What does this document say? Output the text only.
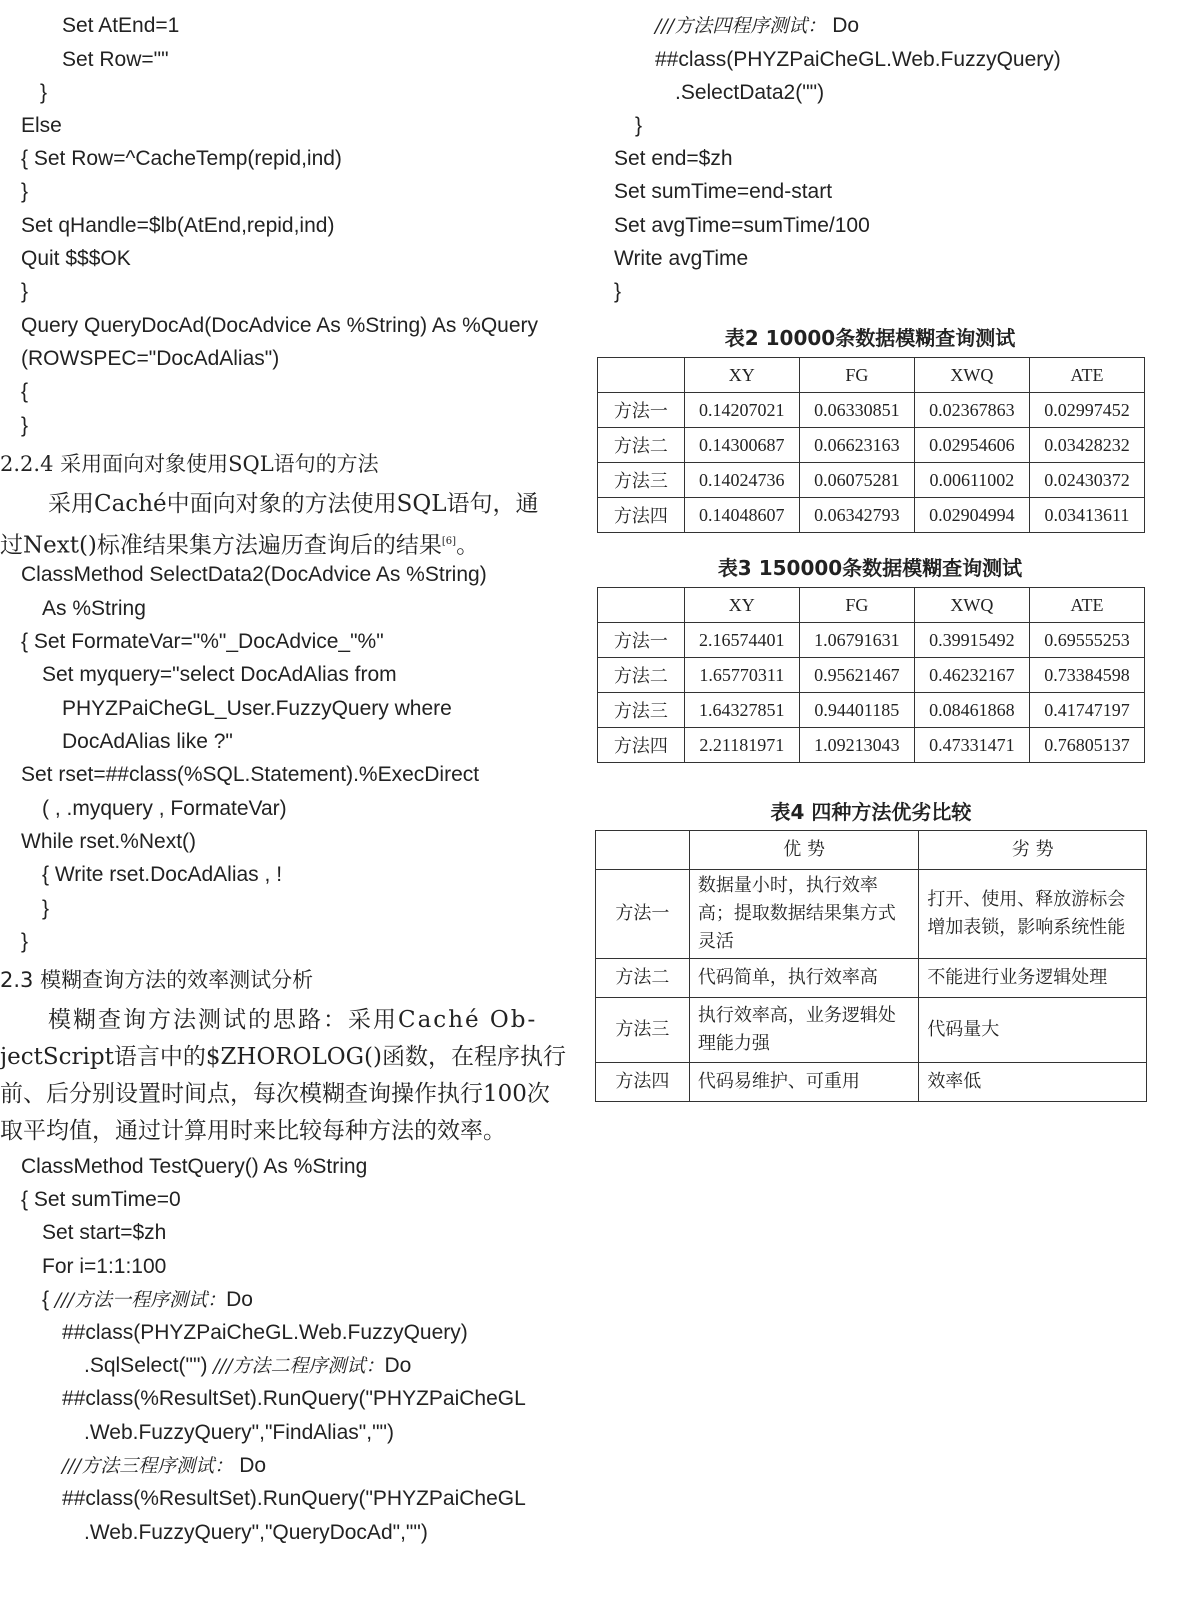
Set AtEnd=1
Set Row=""
}
Else
{ Set Row=^CacheTemp(repid,ind)
}
Set qHandle=$lb(AtEnd,repid,ind)
Quit $$$OK
}
Query QueryDocAd(DocAdvice As %String) As %Query
(ROWSPEC="DocAdAlias")
{
}
2.2.4 采用面向对象使用SQL语句的方法
采用Caché中面向对象的方法使用SQL语句，通
过Next()标准结果集方法遍历查询后的结果[6]。
ClassMethod SelectData2(DocAdvice As %String)
As %String
{ Set FormateVar="%"_DocAdvice_"%"
Set myquery="select DocAdAlias from
PHYZPaiCheGL_User.FuzzyQuery where
DocAdAlias like ?"
Set rset=##class(%SQL.Statement).%ExecDirect
( , .myquery , FormateVar)
While rset.%Next()
{ Write rset.DocAdAlias , !
}
}
2.3 模糊查询方法的效率测试分析
模糊查询方法测试的思路：采用Caché Ob-
jectScript语言中的$ZHOROLOG()函数，在程序执行
前、后分别设置时间点，每次模糊查询操作执行100次
取平均值，通过计算用时来比较每种方法的效率。
ClassMethod TestQuery() As %String
{ Set sumTime=0
Set start=$zh
For i=1:1:100
{ ///方法一程序测试：Do
##class(PHYZPaiCheGL.Web.FuzzyQuery)
.SqlSelect("") ///方法二程序测试：Do
##class(%ResultSet).RunQuery("PHYZPaiCheGL
.Web.FuzzyQuery","FindAlias","")
///方法三程序测试： Do
##class(%ResultSet).RunQuery("PHYZPaiCheGL
.Web.FuzzyQuery","QueryDocAd","")
///方法四程序测试： Do
##class(PHYZPaiCheGL.Web.FuzzyQuery)
.SelectData2("")
}
Set end=$zh
Set sumTime=end-start
Set avgTime=sumTime/100
Write avgTime
}
表2 10000条数据模糊查询测试
	XY	FG	XWQ	ATE
方法一	0.14207021	0.06330851	0.02367863	0.02997452
方法二	0.14300687	0.06623163	0.02954606	0.03428232
方法三	0.14024736	0.06075281	0.00611002	0.02430372
方法四	0.14048607	0.06342793	0.02904994	0.03413611
表3 150000条数据模糊查询测试
	XY	FG	XWQ	ATE
方法一	2.16574401	1.06791631	0.39915492	0.69555253
方法二	1.65770311	0.95621467	0.46232167	0.73384598
方法三	1.64327851	0.94401185	0.08461868	0.41747197
方法四	2.21181971	1.09213043	0.47331471	0.76805137
表4 四种方法优劣比较
	优 势	劣 势
方法一	数据量小时，执行效率高；提取数据结果集方式灵活	打开、使用、释放游标会增加表锁，影响系统性能
方法二	代码简单，执行效率高	不能进行业务逻辑处理
方法三	执行效率高，业务逻辑处理能力强	代码量大
方法四	代码易维护、可重用	效率低
